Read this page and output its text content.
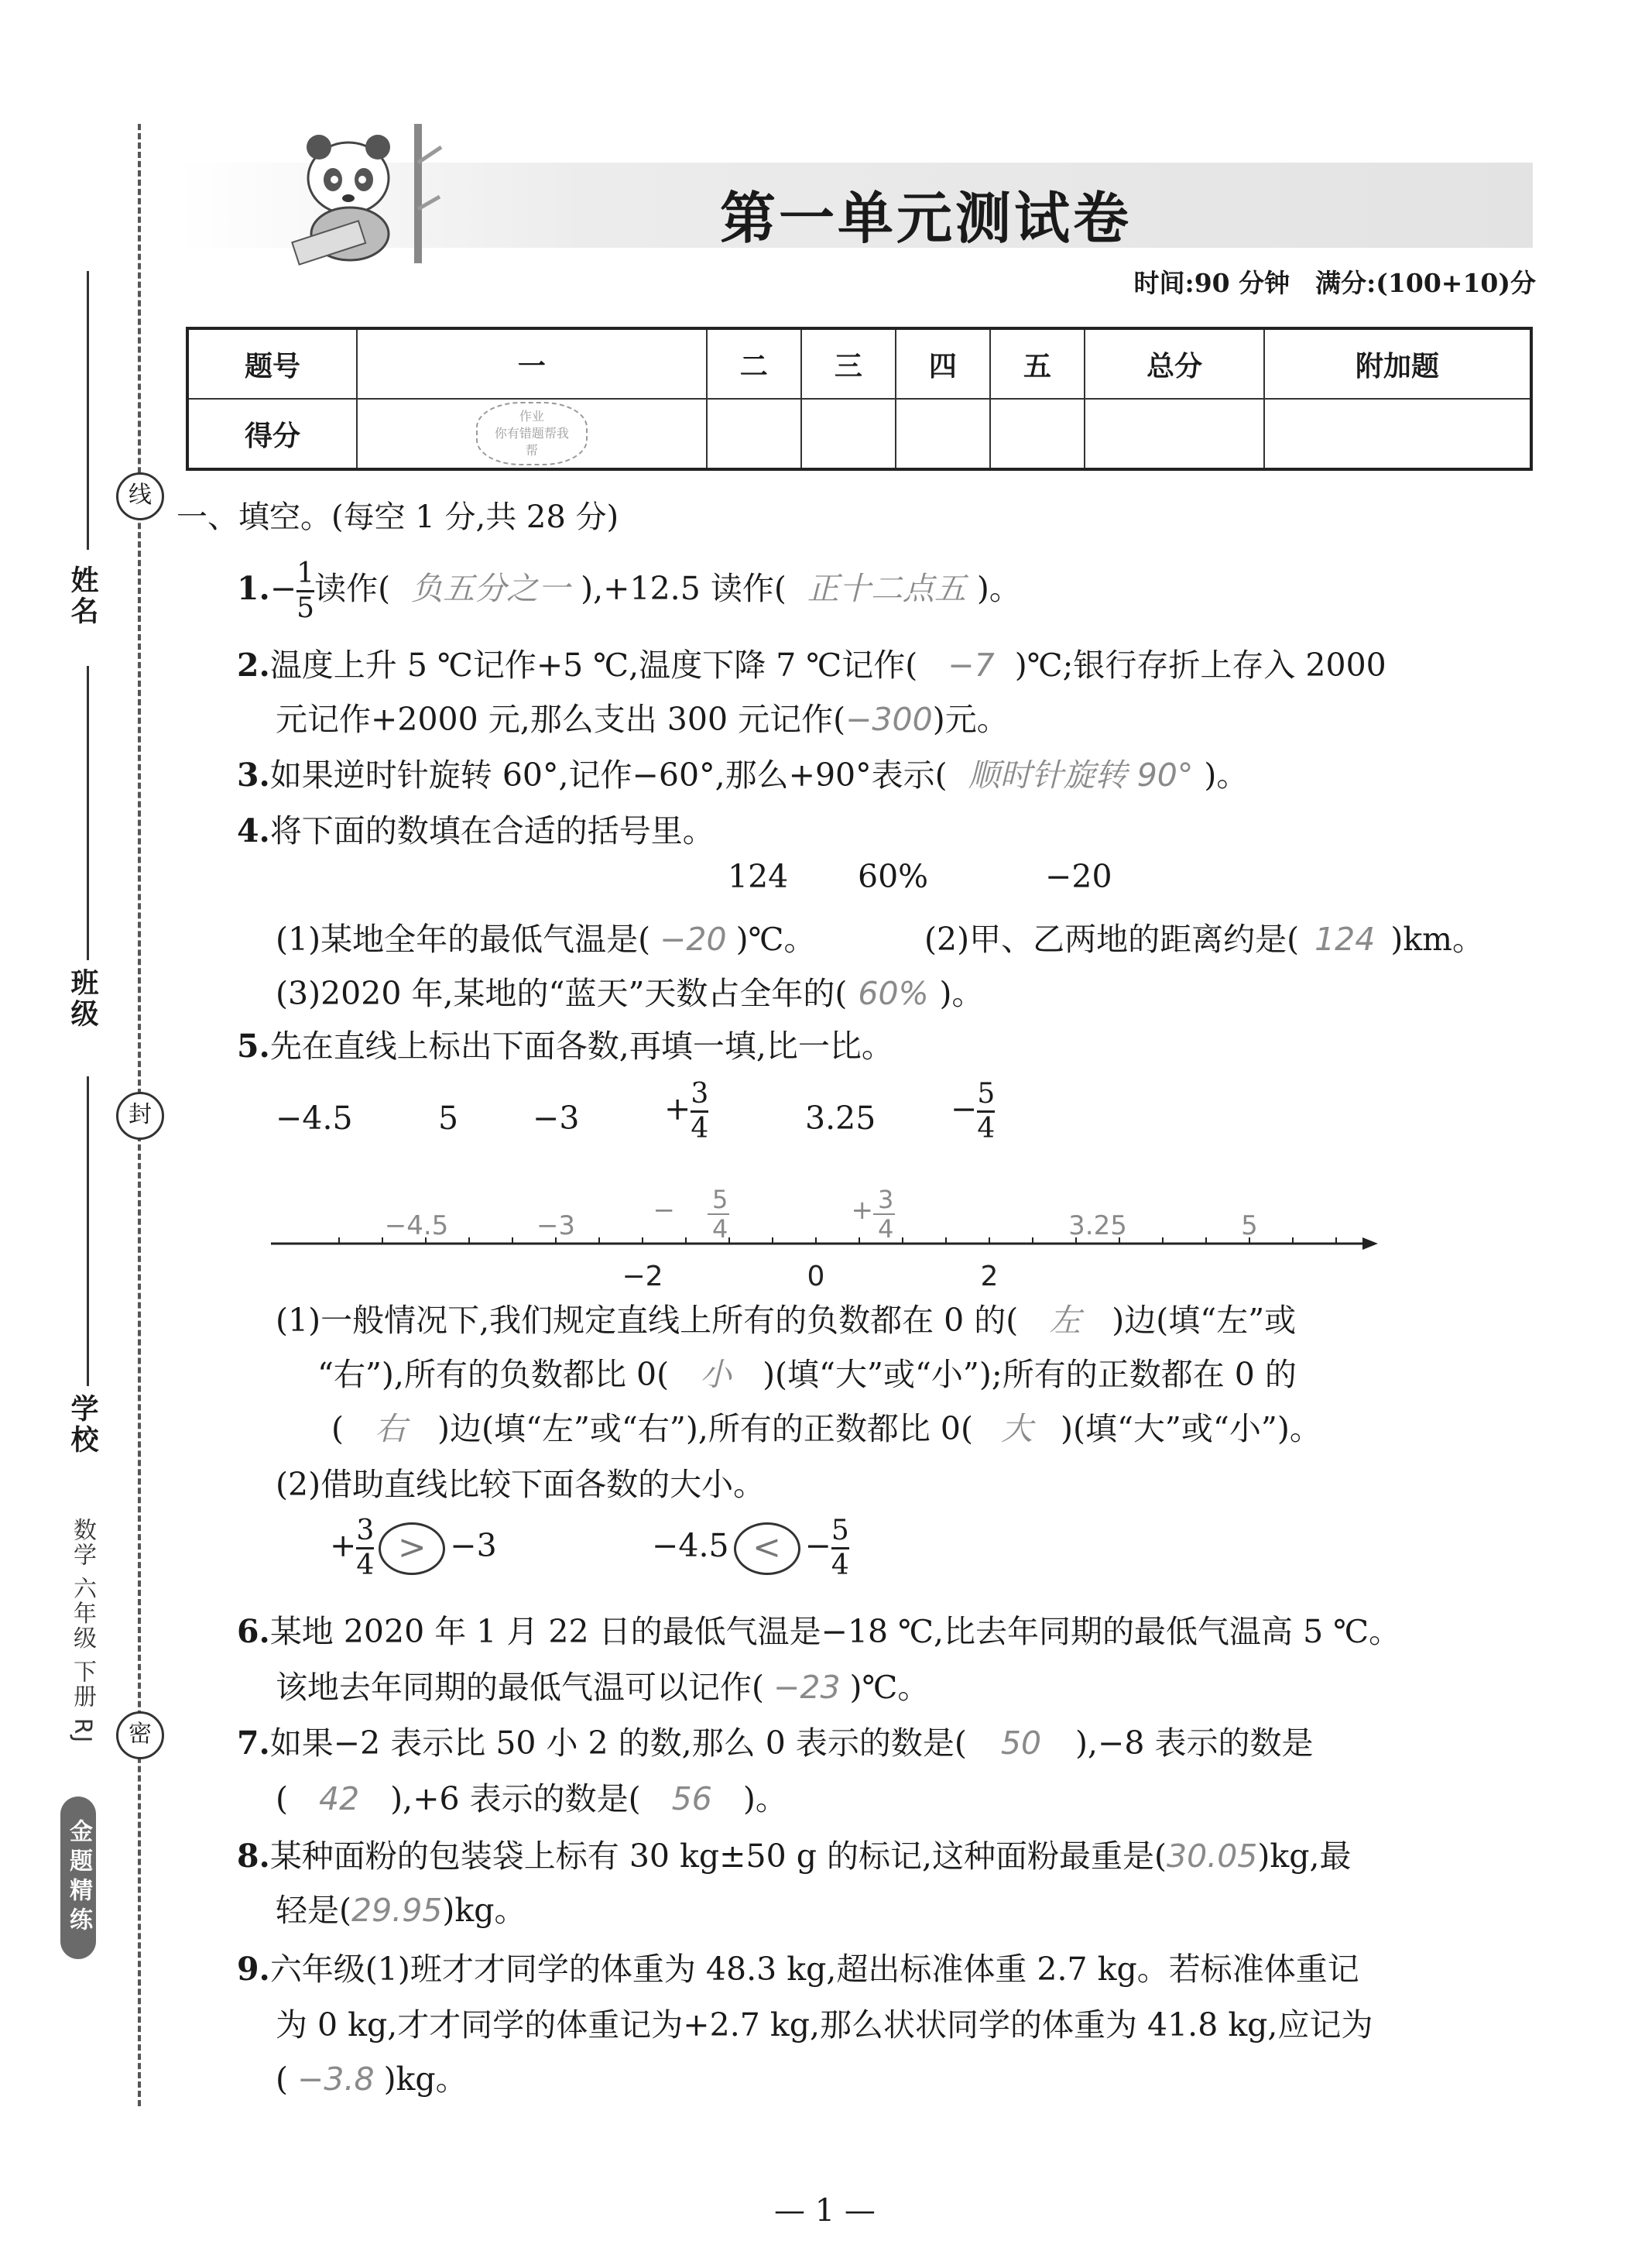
线
封
密
姓名
班级
学校
数学 六年级 下册 RJ
金题精练
第一单元测试卷
时间:90 分钟　满分:(100+10)分
题号	一	二	三	四	五	总分	附加题
得分	作业
你有错题帮我
帮						
一、填空。(每空 1 分,共 28 分)
$1.- \frac{1}{5}$ 读作( 负五分之一 ),+12.5 读作( 正十二点五 )。
2.温度上升 5 ℃记作+5 ℃,温度下降 7 ℃记作( −7 )℃;银行存折上存入 2000
元记作+2000 元,那么支出 300 元记作(−300)元。
3.如果逆时针旋转 60°,记作−60°,那么+90°表示( 顺时针旋转 90° )。
4.将下面的数填在合适的括号里。
124 60%	−20
(1)某地全年的最低气温是( −20 )℃。	(2)甲、乙两地的距离约是( 124 )km。
(3)2020 年,某地的“蓝天”天数占全年的( 60% )。
5.先在直线上标出下面各数,再填一填,比一比。
−4.5	5 −3	+ $\frac{3}{4}$	$3.25 - \frac{5}{4}$
−2	0	2
−4.5	−3	− 5
4
+ 3
4	3.25	5
(1)一般情况下,我们规定直线上所有的负数都在 0 的( 左 )边(填“左”或
“右”),所有的负数都比 0( 小 )(填“大”或“小”);所有的正数都在 0 的
( 右 )边(填“左”或“右”),所有的正数都比 0( 大 )(填“大”或“小”)。
(2)借助直线比较下面各数的大小。
+ $\frac{3}{4} > -3$	−4.5 < − $\frac{5}{4}$
6.某地 2020 年 1 月 22 日的最低气温是−18 ℃,比去年同期的最低气温高 5 ℃。
该地去年同期的最低气温可以记作( −23 )℃。
7.如果−2 表示比 50 小 2 的数,那么 0 表示的数是( 50 ),−8 表示的数是
( 42 ),+6 表示的数是( 56 )。
8.某种面粉的包装袋上标有 30 kg±50 g 的标记,这种面粉最重是(30.05)kg,最
轻是(29.95)kg。
9.六年级(1)班才才同学的体重为 48.3 kg,超出标准体重 2.7 kg。若标准体重记
为 0 kg,才才同学的体重记为+2.7 kg,那么状状同学的体重为 41.8 kg,应记为
( −3.8 )kg。
— 1 —
